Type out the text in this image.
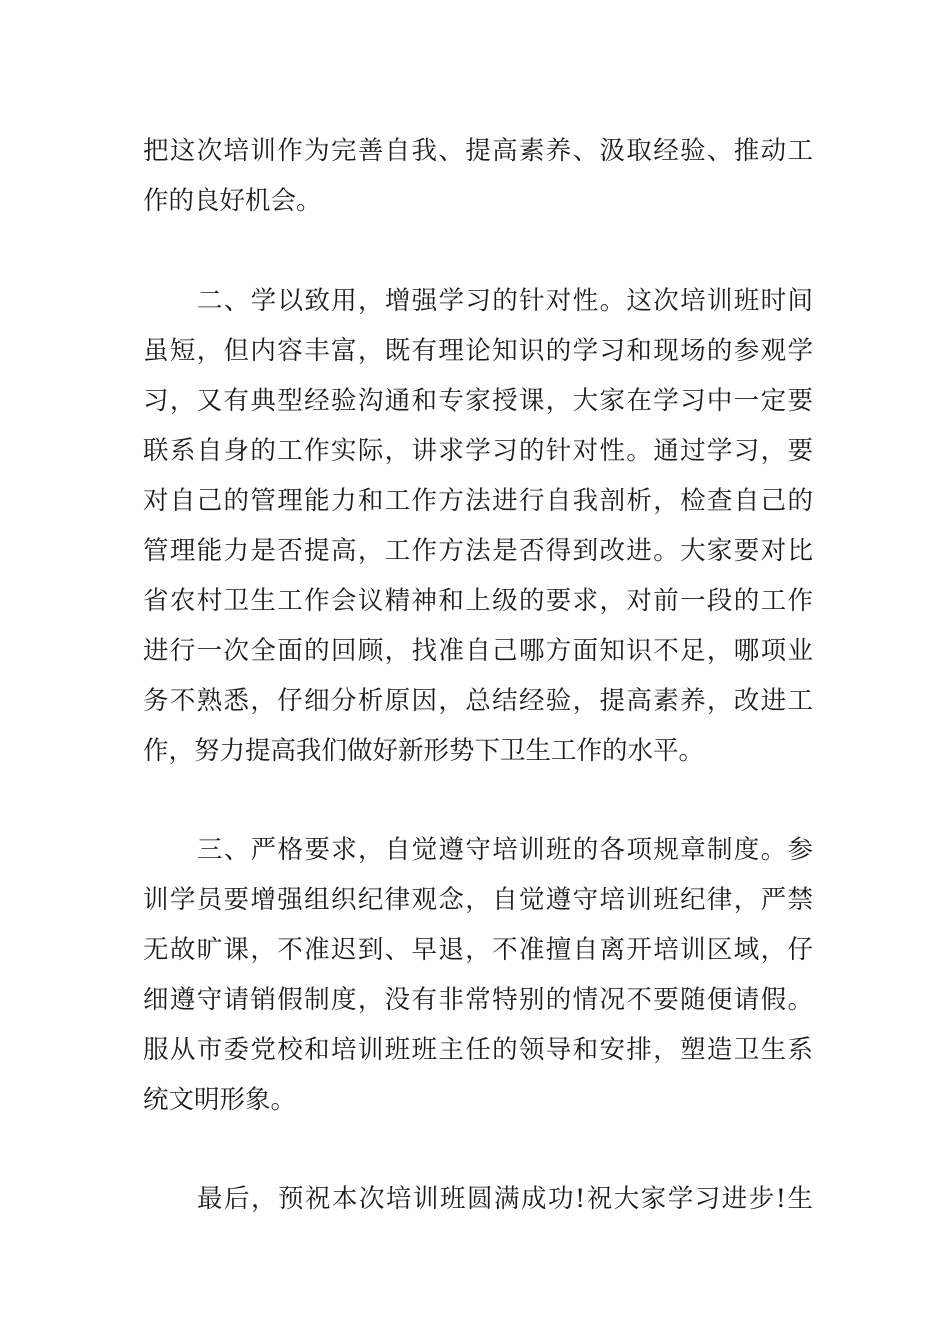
把这次培训作为完善自我、提高素养、汲取经验、推动工
作的良好机会。
二、学以致用，增强学习的针对性。这次培训班时间
虽短，但内容丰富，既有理论知识的学习和现场的参观学
习，又有典型经验沟通和专家授课，大家在学习中一定要
联系自身的工作实际，讲求学习的针对性。通过学习，要
对自己的管理能力和工作方法进行自我剖析，检查自己的
管理能力是否提高，工作方法是否得到改进。大家要对比
省农村卫生工作会议精神和上级的要求，对前一段的工作
进行一次全面的回顾，找准自己哪方面知识不足，哪项业
务不熟悉，仔细分析原因，总结经验，提高素养，改进工
作，努力提高我们做好新形势下卫生工作的水平。
三、严格要求，自觉遵守培训班的各项规章制度。参
训学员要增强组织纪律观念，自觉遵守培训班纪律，严禁
无故旷课，不准迟到、早退，不准擅自离开培训区域，仔
细遵守请销假制度，没有非常特别的情况不要随便请假。
服从市委党校和培训班班主任的领导和安排，塑造卫生系
统文明形象。
最后，预祝本次培训班圆满成功!祝大家学习进步!生
